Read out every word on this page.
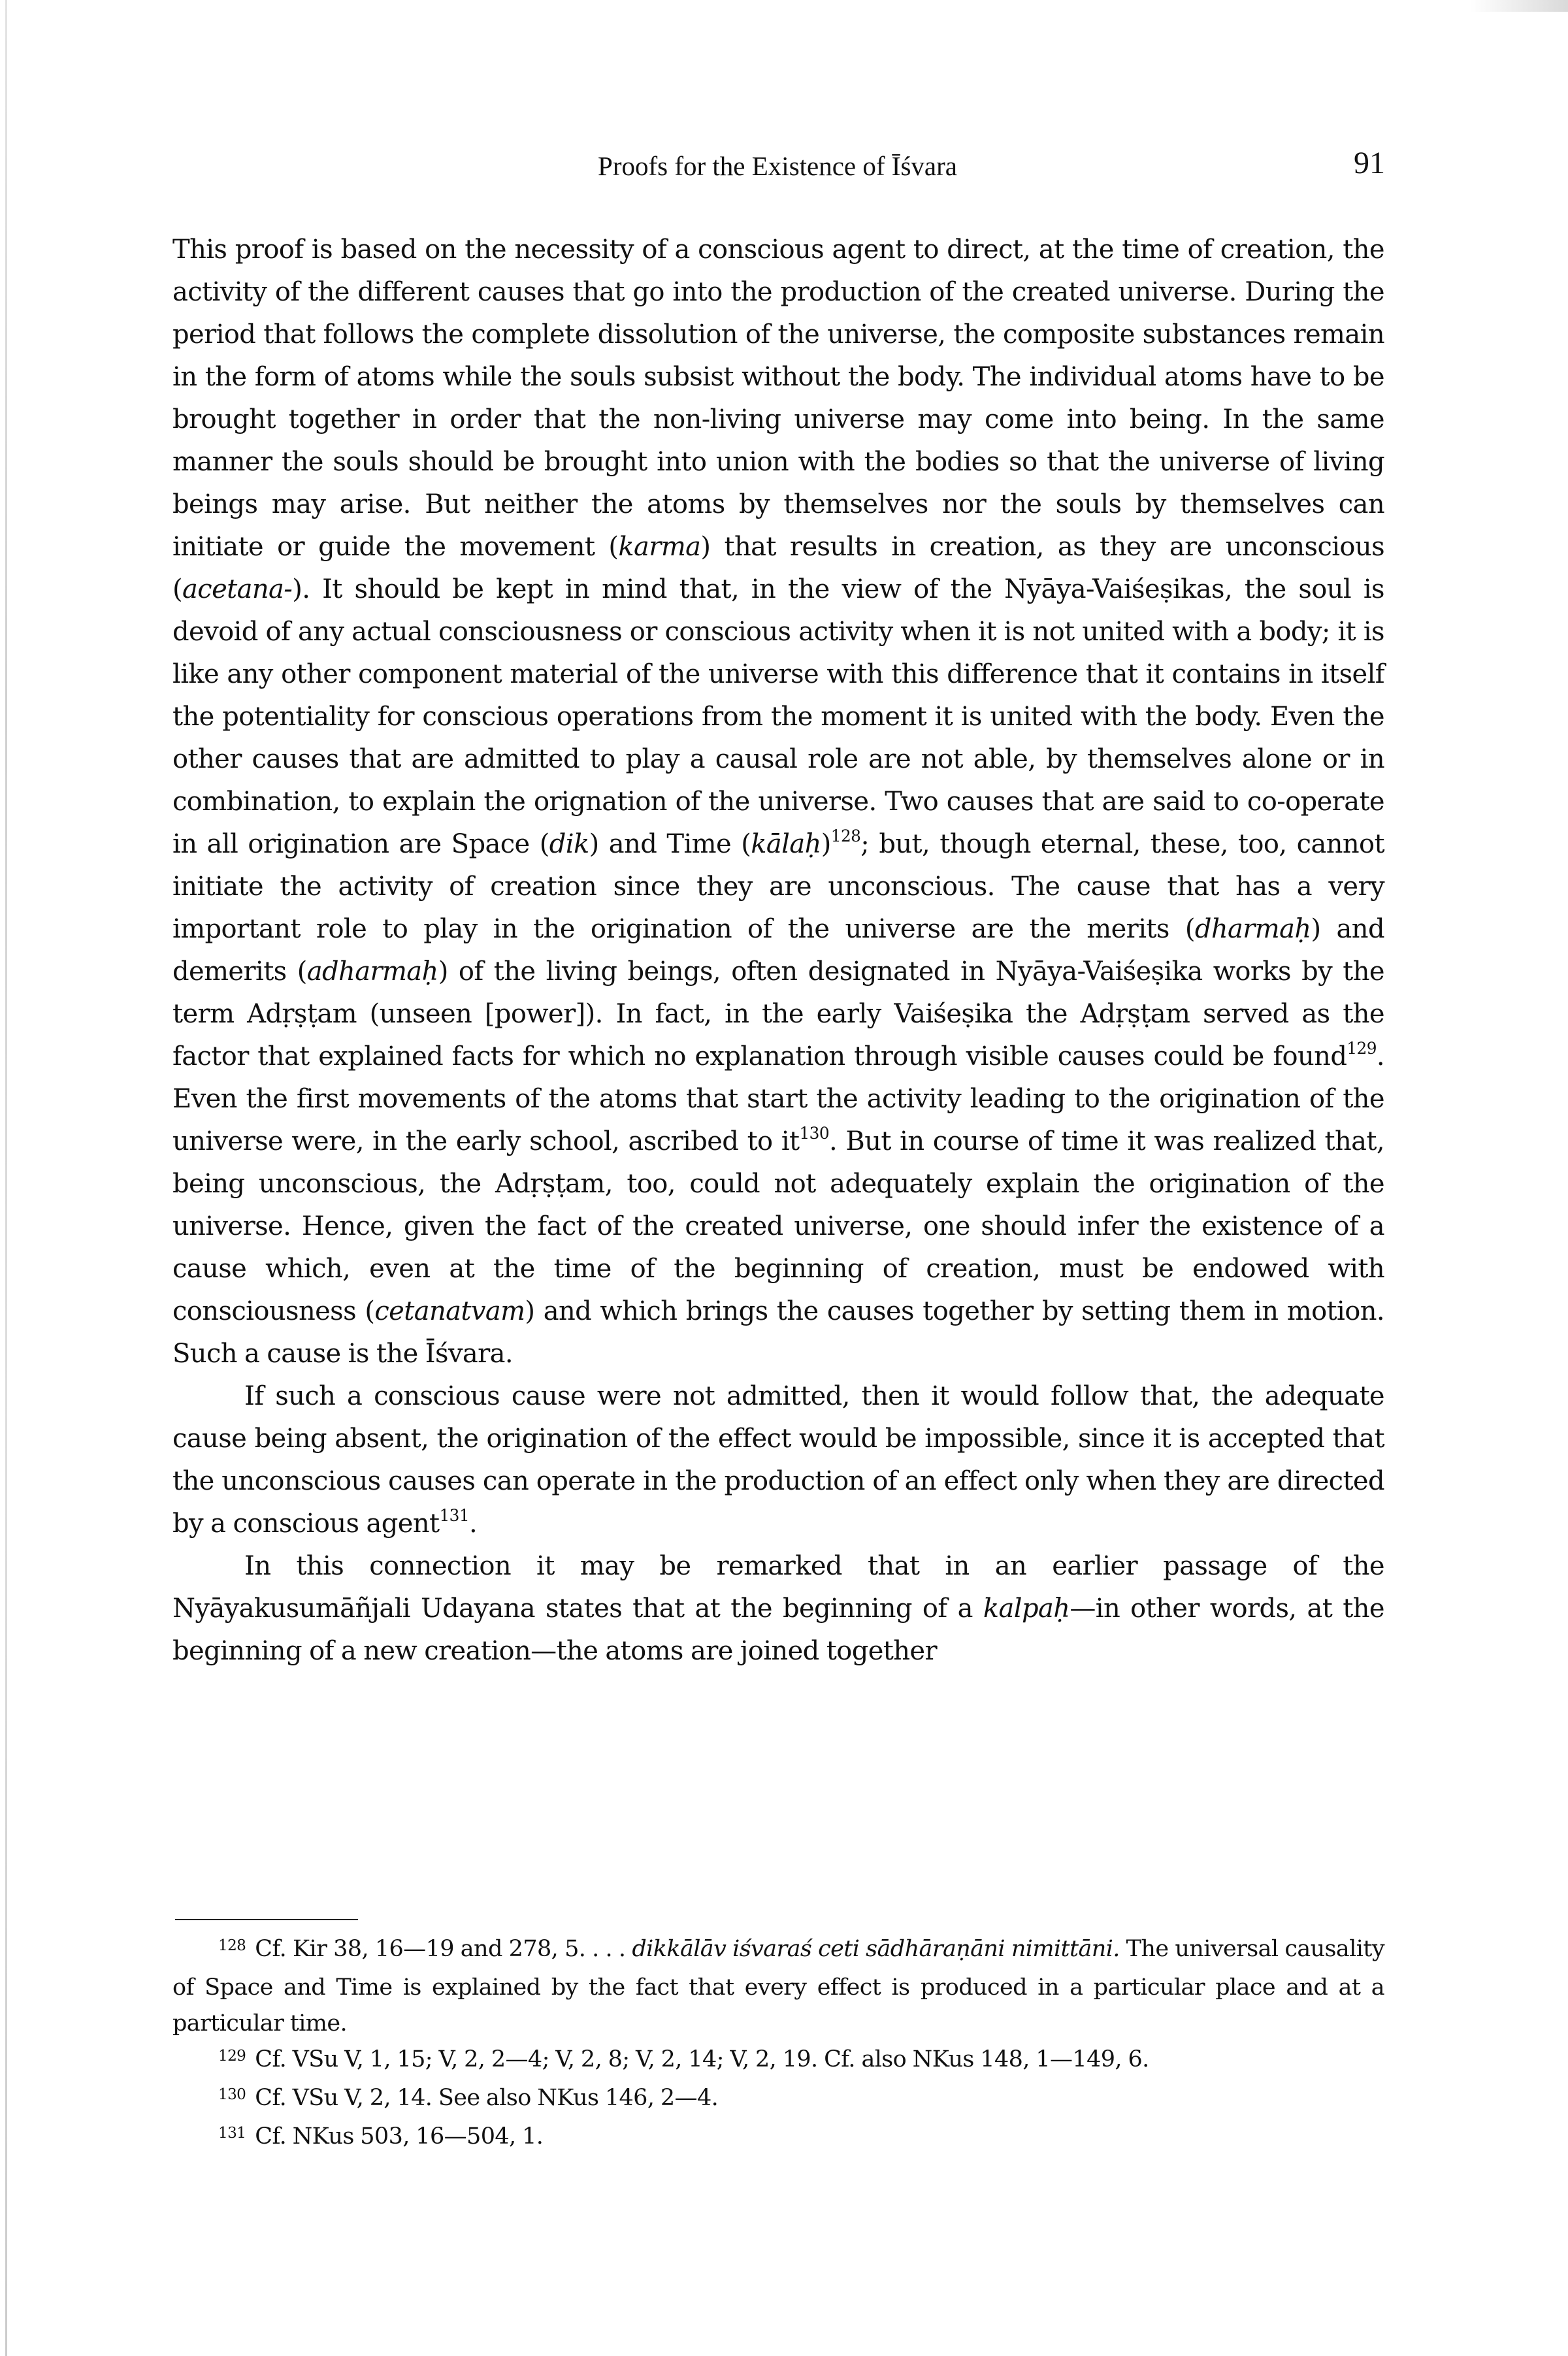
Proofs for the Existence of Īśvara	91

This proof is based on the necessity of a conscious agent to direct, at the time of creation, the activity of the different causes that go into the production of the created universe. During the period that follows the complete dissolution of the universe, the composite substances remain in the form of atoms while the souls subsist without the body. The individual atoms have to be brought together in order that the non-living universe may come into being. In the same manner the souls should be brought into union with the bodies so that the universe of living beings may arise. But neither the atoms by themselves nor the souls by themselves can initiate or guide the movement (karma) that results in creation, as they are unconscious (acetana-). It should be kept in mind that, in the view of the Nyāya-Vaiśeṣikas, the soul is devoid of any actual consciousness or conscious activity when it is not united with a body; it is like any other component material of the universe with this difference that it contains in itself the potentiality for conscious operations from the moment it is united with the body. Even the other causes that are admitted to play a causal role are not able, by themselves alone or in combination, to explain the orignation of the universe. Two causes that are said to co-operate in all origination are Space (dik) and Time (kālaḥ)$^{128}$; but, though eternal, these, too, cannot initiate the activity of creation since they are unconscious. The cause that has a very important role to play in the origination of the universe are the merits (dharmaḥ) and demerits (adharmaḥ) of the living beings, often designated in Nyāya-Vaiśeṣika works by the term Adṛṣṭam (unseen [power]). In fact, in the early Vaiśeṣika the Adṛṣṭam served as the factor that explained facts for which no explanation through visible causes could be found$^{129}$. Even the first movements of the atoms that start the activity leading to the origination of the universe were, in the early school, ascribed to $it^{130}$. But in course of time it was realized that, being unconscious, the Adṛṣṭam, too, could not adequately explain the origination of the universe. Hence, given the fact of the created universe, one should infer the existence of a cause which, even at the time of the beginning of creation, must be endowed with consciousness (cetanatvam) and which brings the causes together by setting them in motion. Such a cause is the Īśvara.

If such a conscious cause were not admitted, then it would follow that, the adequate cause being absent, the origination of the effect would be impossible, since it is accepted that the unconscious causes can operate in the production of an effect only when they are directed by a conscious agent$^{131}$.

In this connection it may be remarked that in an earlier passage of the Nyāyakusumāñjali Udayana states that at the beginning of a kalpaḥ—in other words, at the beginning of a new creation—the atoms are joined together

$^{128}$ Cf. Kir 38, 16—19 and 278, 5. . . . dikkālāv iśvaraś ceti sādhāraṇāni nimittāni. The universal causality of Space and Time is explained by the fact that every effect is produced in a particular place and at a particular time.

$^{129}$ Cf. VSu V, 1, 15; V, 2, 2—4; V, 2, 8; V, 2, 14; V, 2, 19. Cf. also NKus 148, 1—149, 6.

$^{130}$ Cf. VSu V, 2, 14. See also NKus 146, 2—4.

$^{131}$ Cf. NKus 503, 16—504, 1.
